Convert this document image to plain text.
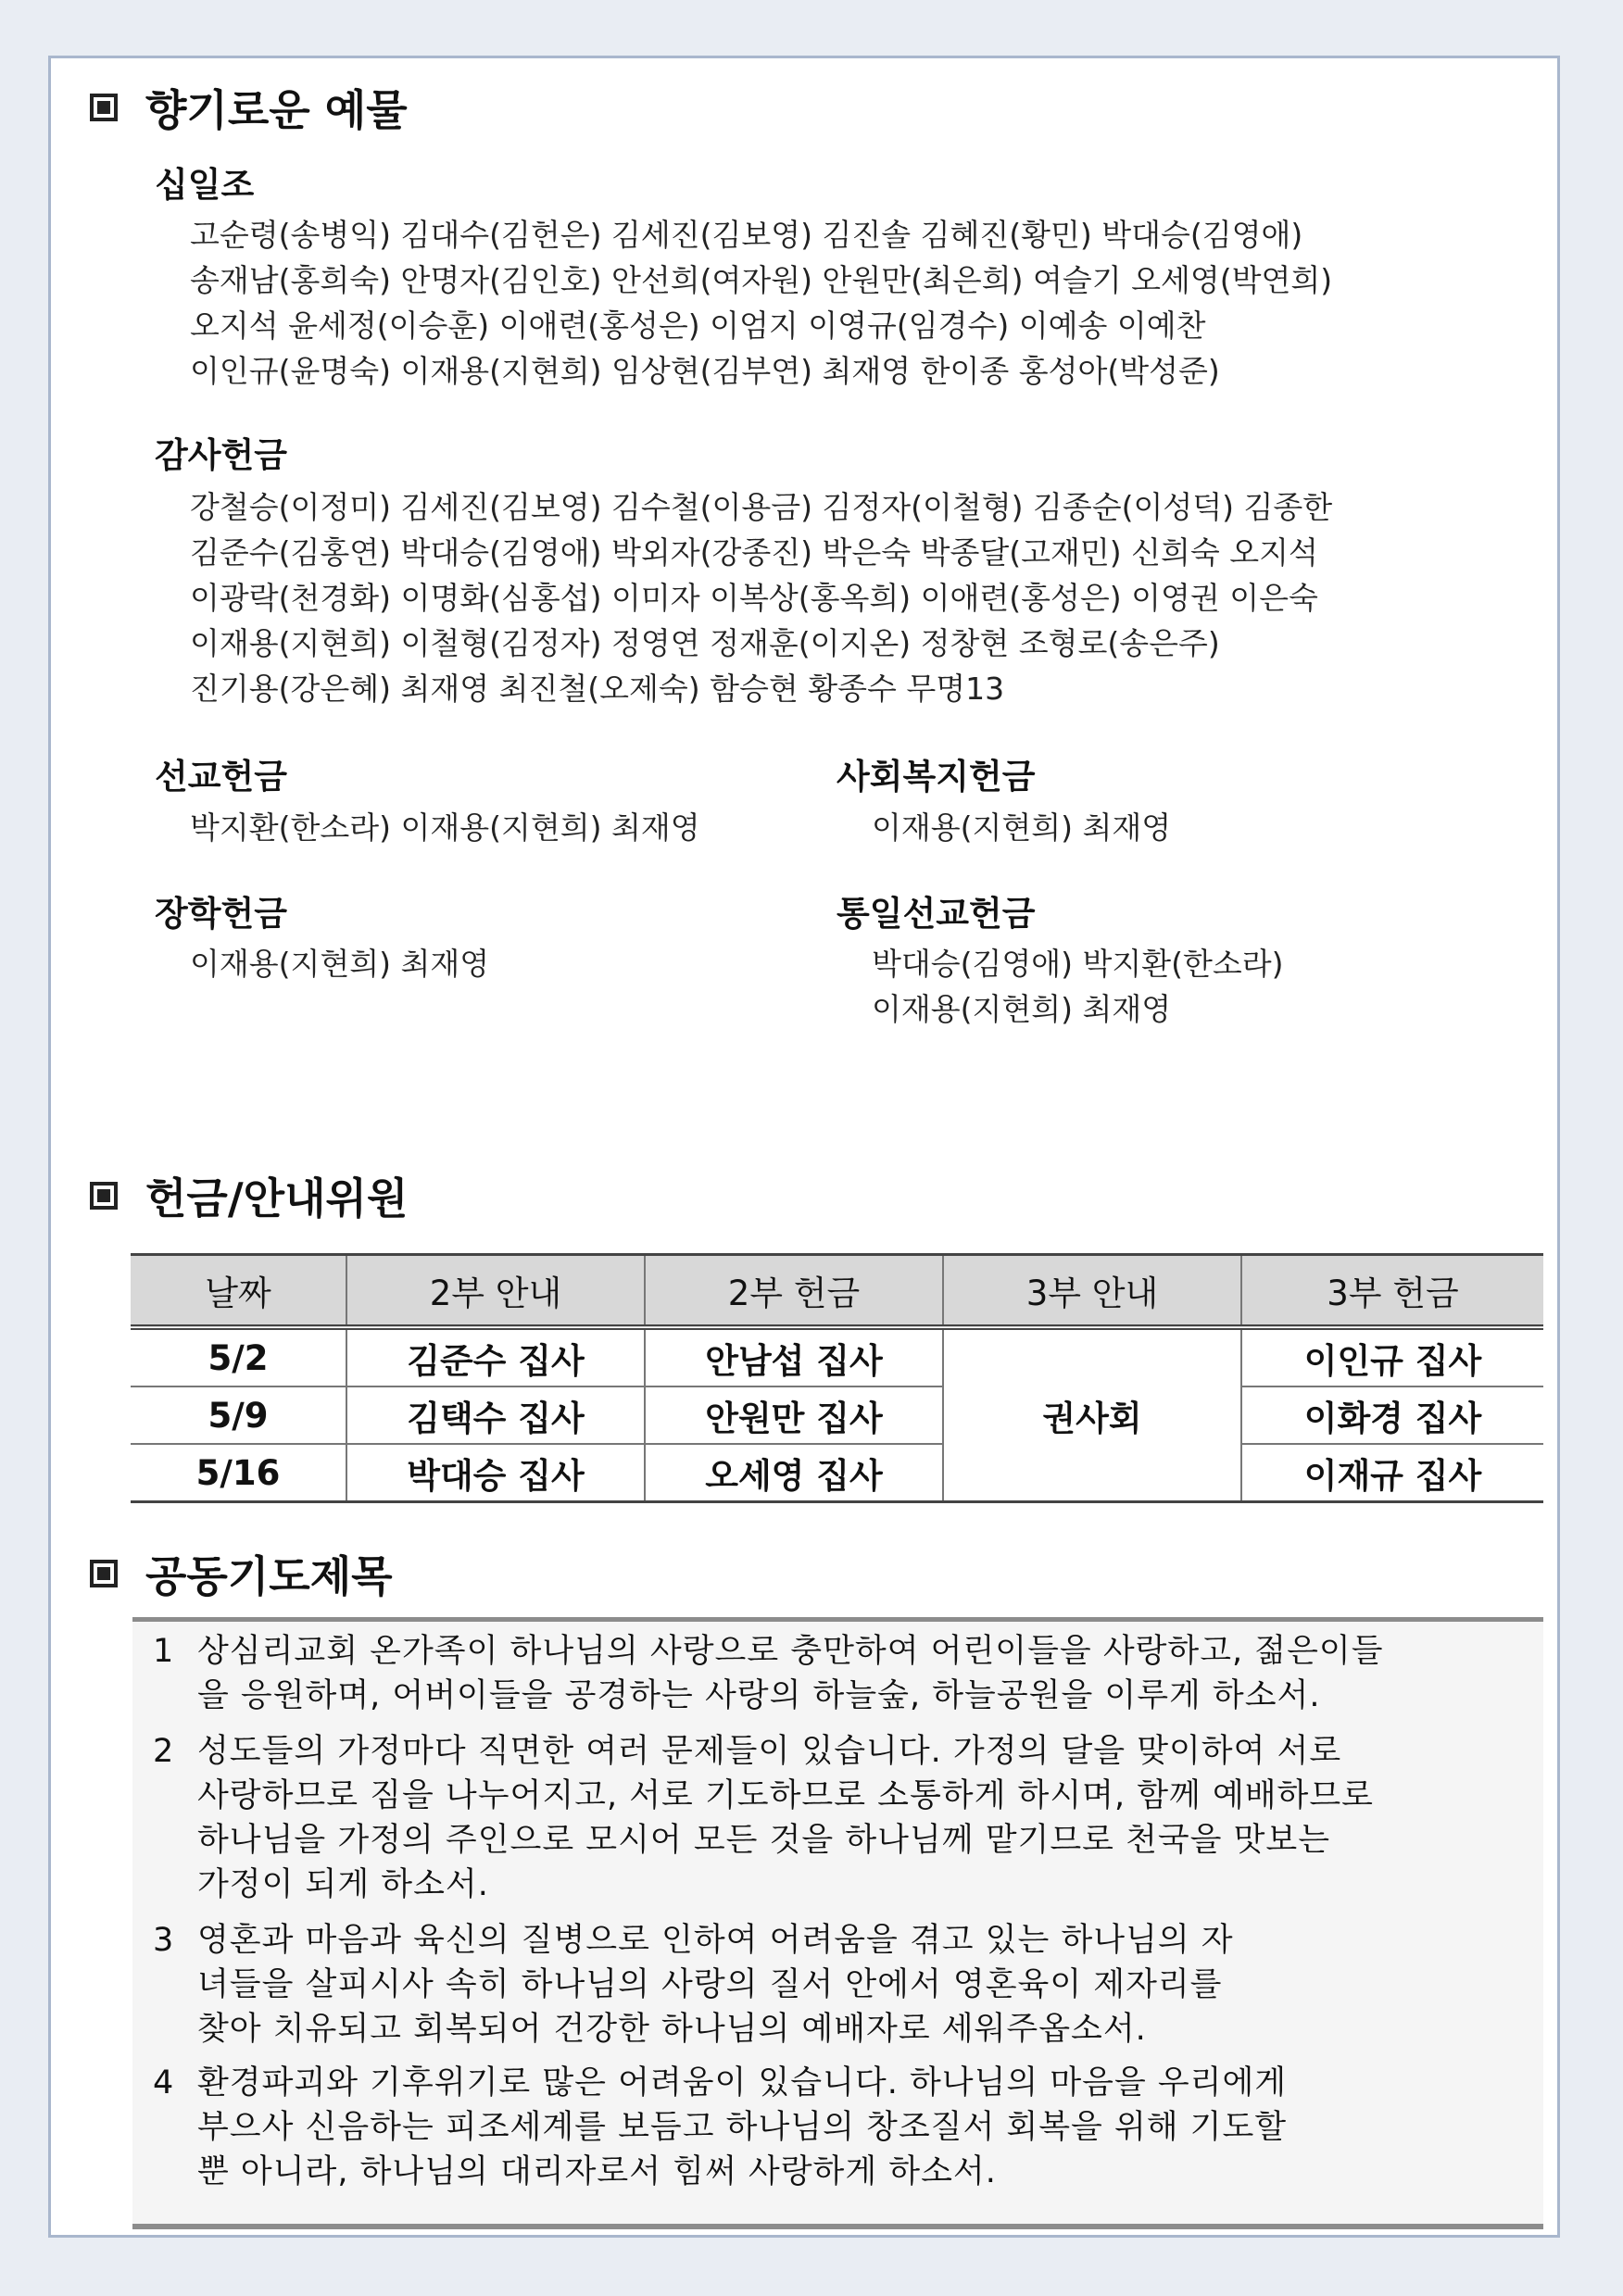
향기로운 예물
십일조
고순령(송병익) 김대수(김헌은) 김세진(김보영) 김진솔 김혜진(황민) 박대승(김영애)
송재남(홍희숙) 안명자(김인호) 안선희(여자원) 안원만(최은희) 여슬기 오세영(박연희)
오지석 윤세정(이승훈) 이애련(홍성은) 이엄지 이영규(임경수) 이예송 이예찬
이인규(윤명숙) 이재용(지현희) 임상현(김부연) 최재영 한이종 홍성아(박성준)
감사헌금
강철승(이정미) 김세진(김보영) 김수철(이용금) 김정자(이철형) 김종순(이성덕) 김종한
김준수(김홍연) 박대승(김영애) 박외자(강종진) 박은숙 박종달(고재민) 신희숙 오지석
이광락(천경화) 이명화(심홍섭) 이미자 이복상(홍옥희) 이애련(홍성은) 이영권 이은숙
이재용(지현희) 이철형(김정자) 정영연 정재훈(이지온) 정창현 조형로(송은주)
진기용(강은혜) 최재영 최진철(오제숙) 함승현 황종수 무명13
선교헌금
박지환(한소라) 이재용(지현희) 최재영
사회복지헌금
이재용(지현희) 최재영
장학헌금
이재용(지현희) 최재영
통일선교헌금
박대승(김영애) 박지환(한소라)
이재용(지현희) 최재영
헌금/안내위원
날짜	2부 안내	2부 헌금	3부 안내	3부 헌금
5/2	김준수 집사	안남섭 집사	권사회	이인규 집사
5/9	김택수 집사	안원만 집사		이화경 집사
5/16	박대승 집사	오세영 집사		이재규 집사
공동기도제목
1 상심리교회 온가족이 하나님의 사랑으로 충만하여 어린이들을 사랑하고, 젊은이들
을 응원하며, 어버이들을 공경하는 사랑의 하늘숲, 하늘공원을 이루게 하소서.
2 성도들의 가정마다 직면한 여러 문제들이 있습니다. 가정의 달을 맞이하여 서로
사랑하므로 짐을 나누어지고, 서로 기도하므로 소통하게 하시며, 함께 예배하므로
하나님을 가정의 주인으로 모시어 모든 것을 하나님께 맡기므로 천국을 맛보는
가정이 되게 하소서.
3 영혼과 마음과 육신의 질병으로 인하여 어려움을 겪고 있는 하나님의 자
녀들을 살피시사 속히 하나님의 사랑의 질서 안에서 영혼육이 제자리를
찾아 치유되고 회복되어 건강한 하나님의 예배자로 세워주옵소서.
4 환경파괴와 기후위기로 많은 어려움이 있습니다. 하나님의 마음을 우리에게
부으사 신음하는 피조세계를 보듬고 하나님의 창조질서 회복을 위해 기도할
뿐 아니라, 하나님의 대리자로서 힘써 사랑하게 하소서.
